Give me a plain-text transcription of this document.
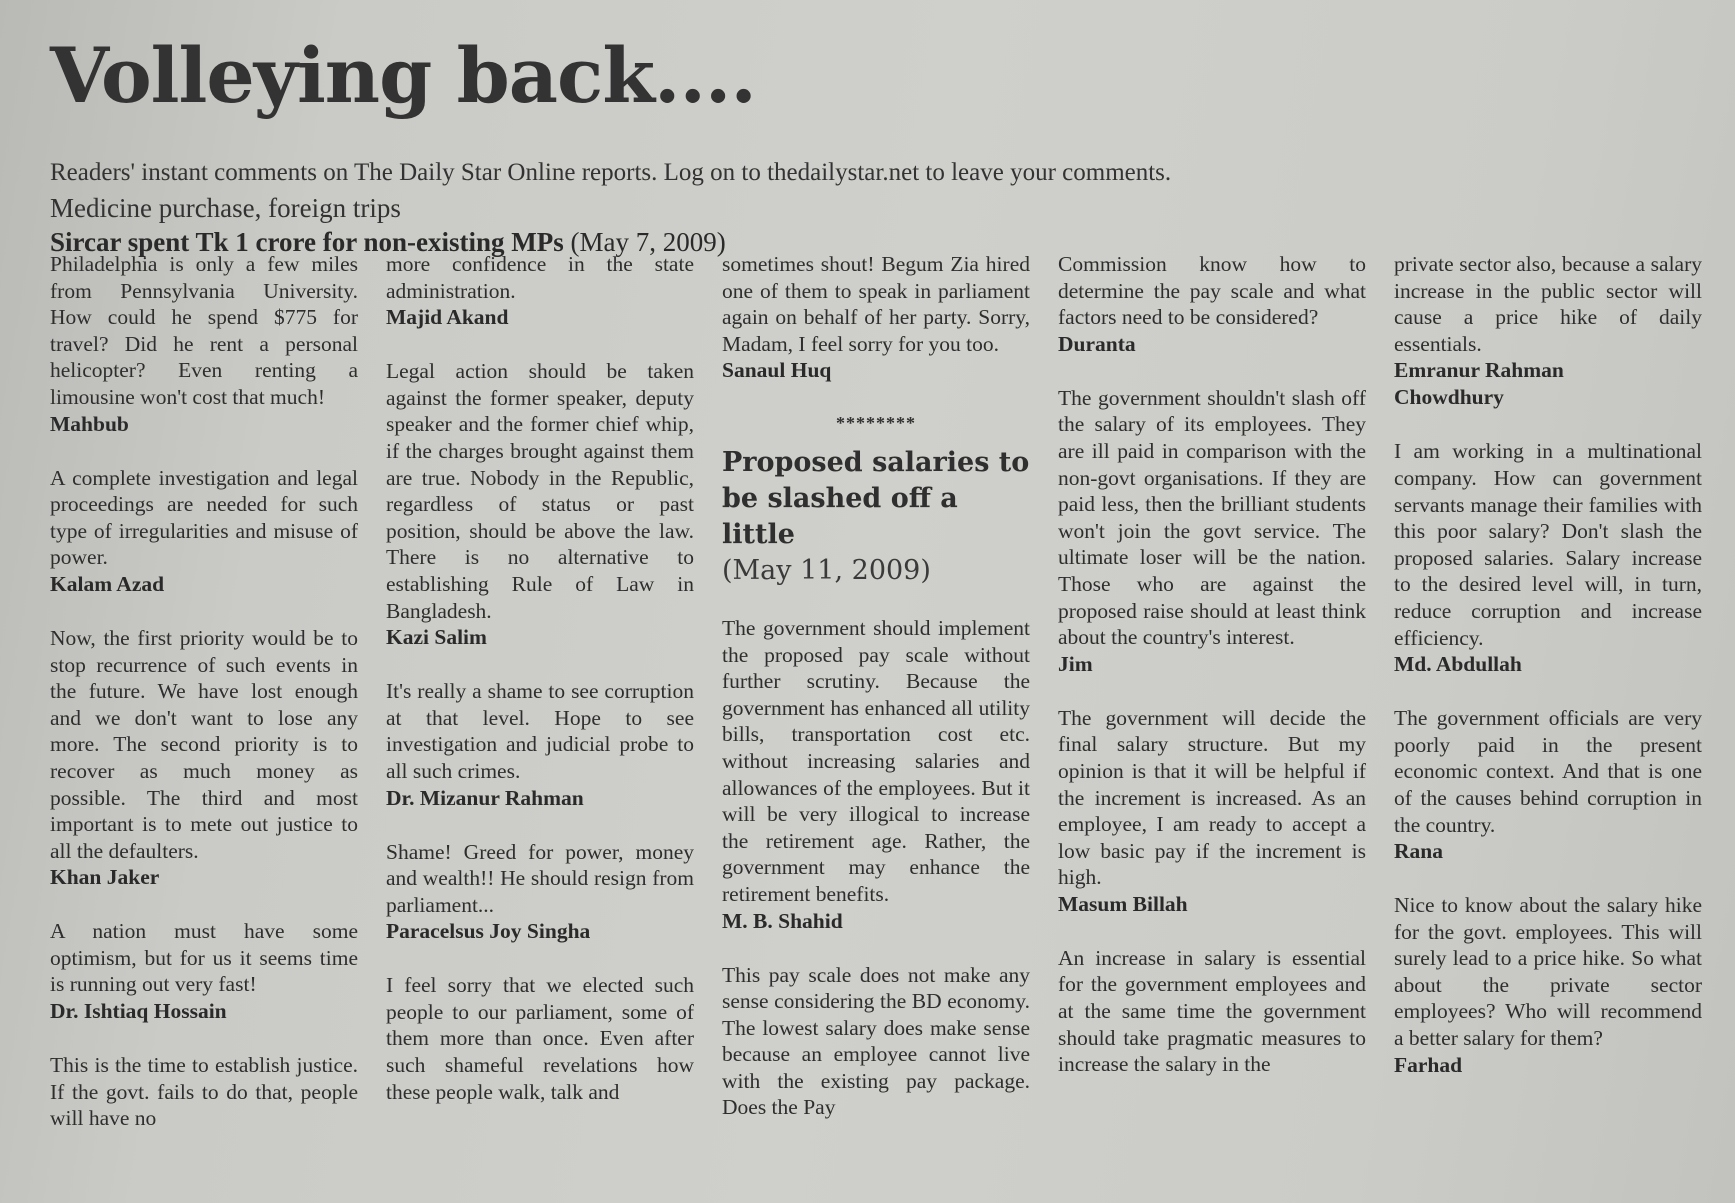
Volleying back....
Readers' instant comments on The Daily Star Online reports. Log on to thedailystar.net to leave your comments.
Medicine purchase, foreign trips
Sircar spent Tk 1 crore for non-existing MPs (May 7, 2009)

Philadelphia is only a few miles from Pennsylvania University. How could he spend $775 for travel? Did he rent a personal helicopter? Even renting a limousine won't cost that much!

Mahbub

A complete investigation and legal proceedings are needed for such type of irregularities and misuse of power.

Kalam Azad

Now, the first priority would be to stop recurrence of such events in the future. We have lost enough and we don't want to lose any more. The second priority is to recover as much money as possible. The third and most important is to mete out justice to all the defaulters.

Khan Jaker

A nation must have some optimism, but for us it seems time is running out very fast!

Dr. Ishtiaq Hossain

This is the time to establish justice. If the govt. fails to do that, people will have no

more confidence in the state administration.

Majid Akand

Legal action should be taken against the former speaker, deputy speaker and the former chief whip, if the charges brought against them are true. Nobody in the Republic, regardless of status or past position, should be above the law. There is no alternative to establishing Rule of Law in Bangladesh.

Kazi Salim

It's really a shame to see corruption at that level. Hope to see investigation and judicial probe to all such crimes.

Dr. Mizanur Rahman

Shame! Greed for power, money and wealth!! He should resign from parliament...

Paracelsus Joy Singha

I feel sorry that we elected such people to our parliament, some of them more than once. Even after such shameful revelations how these people walk, talk and

sometimes shout! Begum Zia hired one of them to speak in parliament again on behalf of her party. Sorry, Madam, I feel sorry for you too.

Sanaul Huq

********

Proposed salaries to be slashed off a little

(May 11, 2009)

The government should implement the proposed pay scale without further scrutiny. Because the government has enhanced all utility bills, transportation cost etc. without increasing salaries and allowances of the employees. But it will be very illogical to increase the retirement age. Rather, the government may enhance the retirement benefits.

M. B. Shahid

This pay scale does not make any sense considering the BD economy. The lowest salary does make sense because an employee cannot live with the existing pay package. Does the Pay

Commission know how to determine the pay scale and what factors need to be considered?

Duranta

The government shouldn't slash off the salary of its employees. They are ill paid in comparison with the non-govt organisations. If they are paid less, then the brilliant students won't join the govt service. The ultimate loser will be the nation. Those who are against the proposed raise should at least think about the country's interest.

Jim

The government will decide the final salary structure. But my opinion is that it will be helpful if the increment is increased. As an employee, I am ready to accept a low basic pay if the increment is high.

Masum Billah

An increase in salary is essential for the government employees and at the same time the government should take pragmatic measures to increase the salary in the

private sector also, because a salary increase in the public sector will cause a price hike of daily essentials.

Emranur Rahman

Chowdhury

I am working in a multinational company. How can government servants manage their families with this poor salary? Don't slash the proposed salaries. Salary increase to the desired level will, in turn, reduce corruption and increase efficiency.

Md. Abdullah

The government officials are very poorly paid in the present economic context. And that is one of the causes behind corruption in the country.

Rana

Nice to know about the salary hike for the govt. employees. This will surely lead to a price hike. So what about the private sector employees? Who will recommend a better salary for them?

Farhad
